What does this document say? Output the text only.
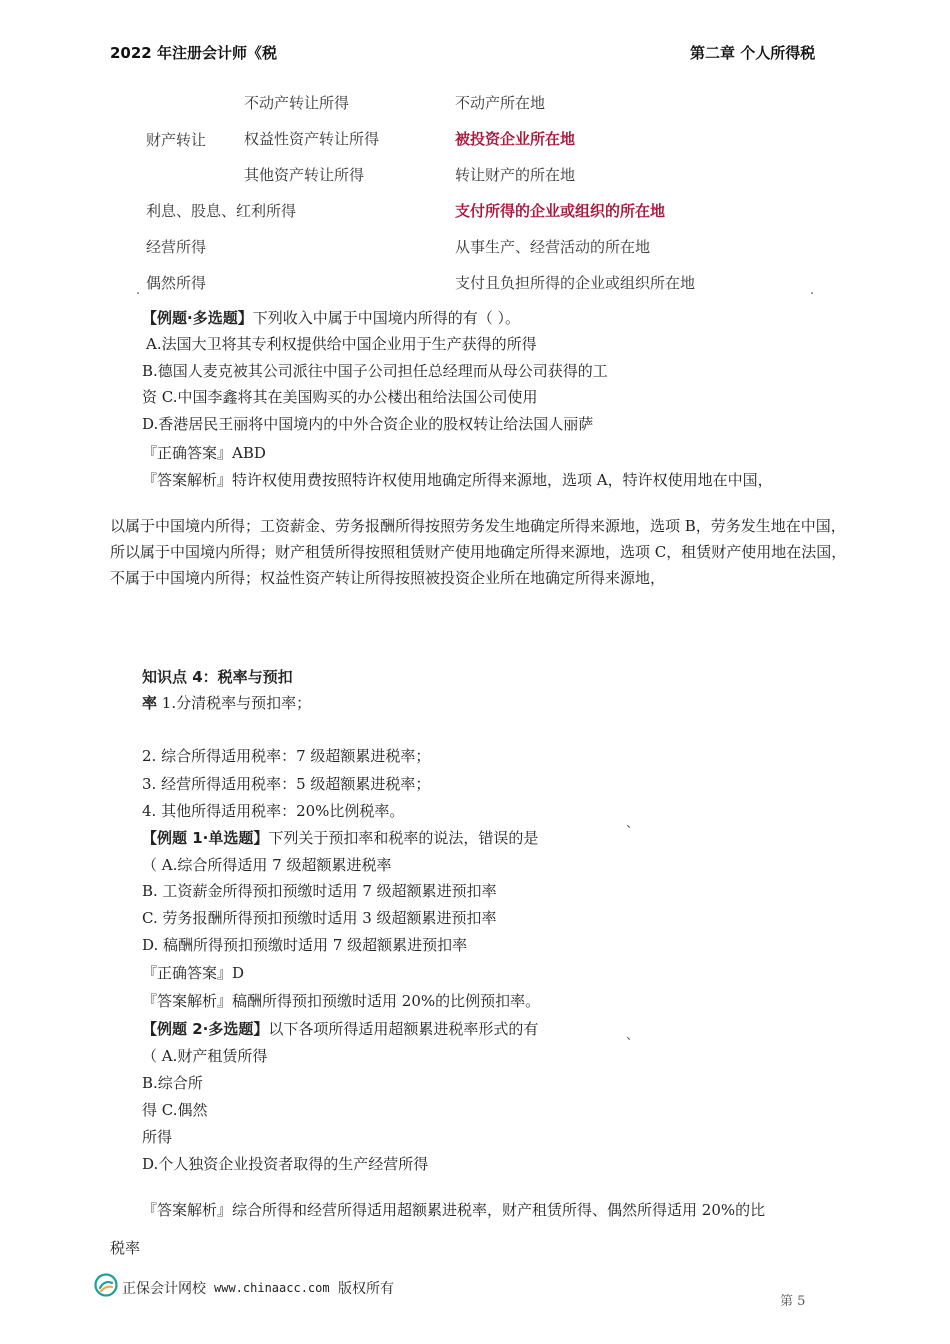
2022 年注册会计师《税	第二章 个人所得税
不动产转让所得	不动产所在地
财产转让	权益性资产转让所得	被投资企业所在地
其他资产转让所得	转让财产的所在地
利息、股息、红利所得	支付所得的企业或组织的所在地
经营所得	从事生产、经营活动的所在地
偶然所得	支付且负担所得的企业或组织所在地
.	.
【例题·多选题】下列收入中属于中国境内所得的有（ ）。
A.法国大卫将其专利权提供给中国企业用于生产获得的所得
B.德国人麦克被其公司派往中国子公司担任总经理而从母公司获得的工
资 C.中国李鑫将其在美国购买的办公楼出租给法国公司使用
D.香港居民王丽将中国境内的中外合资企业的股权转让给法国人丽萨
『正确答案』ABD
『答案解析』特许权使用费按照特许权使用地确定所得来源地，选项 A，特许权使用地在中国，
以属于中国境内所得；工资薪金、劳务报酬所得按照劳务发生地确定所得来源地，选项 B，劳务发生地在中国，所以属于中国境内所得；财产租赁所得按照租赁财产使用地确定所得来源地，选项 C，租赁财产使用地在法国，不属于中国境内所得；权益性资产转让所得按照被投资企业所在地确定所得来源地，
知识点 4：税率与预扣
率 1.分清税率与预扣率；
2. 综合所得适用税率：7 级超额累进税率；
3. 经营所得适用税率：5 级超额累进税率；
4. 其他所得适用税率：20%比例税率。
、
【例题 1·单选题】下列关于预扣率和税率的说法，错误的是
（ A.综合所得适用 7 级超额累进税率
B. 工资薪金所得预扣预缴时适用 7 级超额累进预扣率
C. 劳务报酬所得预扣预缴时适用 3 级超额累进预扣率
D. 稿酬所得预扣预缴时适用 7 级超额累进预扣率
『正确答案』D
『答案解析』稿酬所得预扣预缴时适用 20%的比例预扣率。
【例题 2·多选题】以下各项所得适用超额累进税率形式的有	、
（ A.财产租赁所得
B.综合所
得 C.偶然
所得
D.个人独资企业投资者取得的生产经营所得
『答案解析』综合所得和经营所得适用超额累进税率，财产租赁所得、偶然所得适用 20%的比
税率
正保会计网校 www.chinaacc.com 版权所有
第 5
